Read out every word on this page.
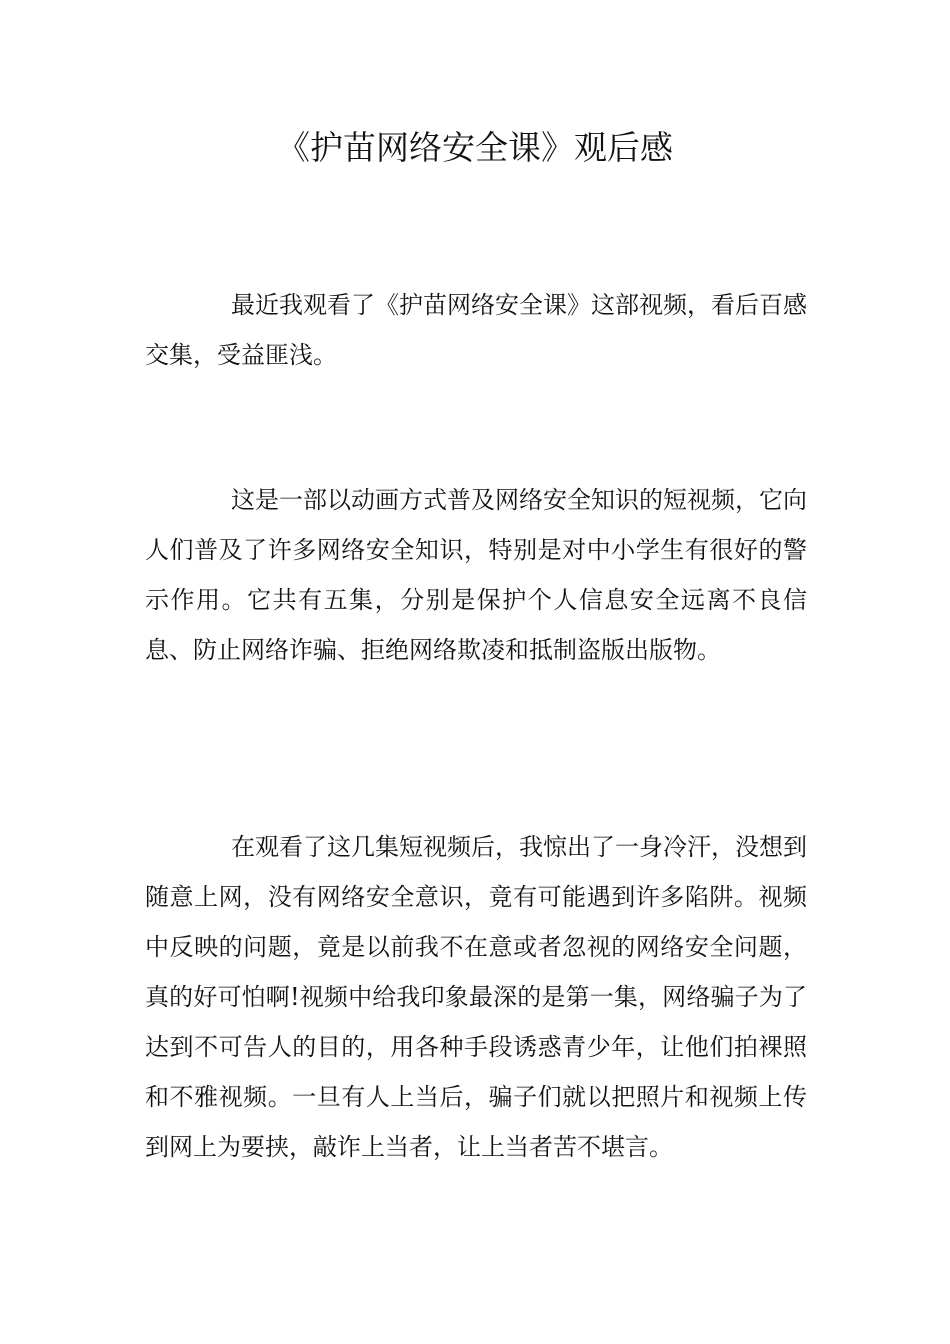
《护苗网络安全课》观后感

最近我观看了《护苗网络安全课》这部视频，看后百感交集，受益匪浅。

这是一部以动画方式普及网络安全知识的短视频，它向人们普及了许多网络安全知识，特别是对中小学生有很好的警示作用。它共有五集，分别是保护个人信息安全远离不良信息、防止网络诈骗、拒绝网络欺凌和抵制盗版出版物。

在观看了这几集短视频后，我惊出了一身冷汗，没想到随意上网，没有网络安全意识，竟有可能遇到许多陷阱。视频中反映的问题，竟是以前我不在意或者忽视的网络安全问题，真的好可怕啊!视频中给我印象最深的是第一集，网络骗子为了达到不可告人的目的，用各种手段诱惑青少年，让他们拍裸照和不雅视频。一旦有人上当后，骗子们就以把照片和视频上传到网上为要挟，敲诈上当者，让上当者苦不堪言。
